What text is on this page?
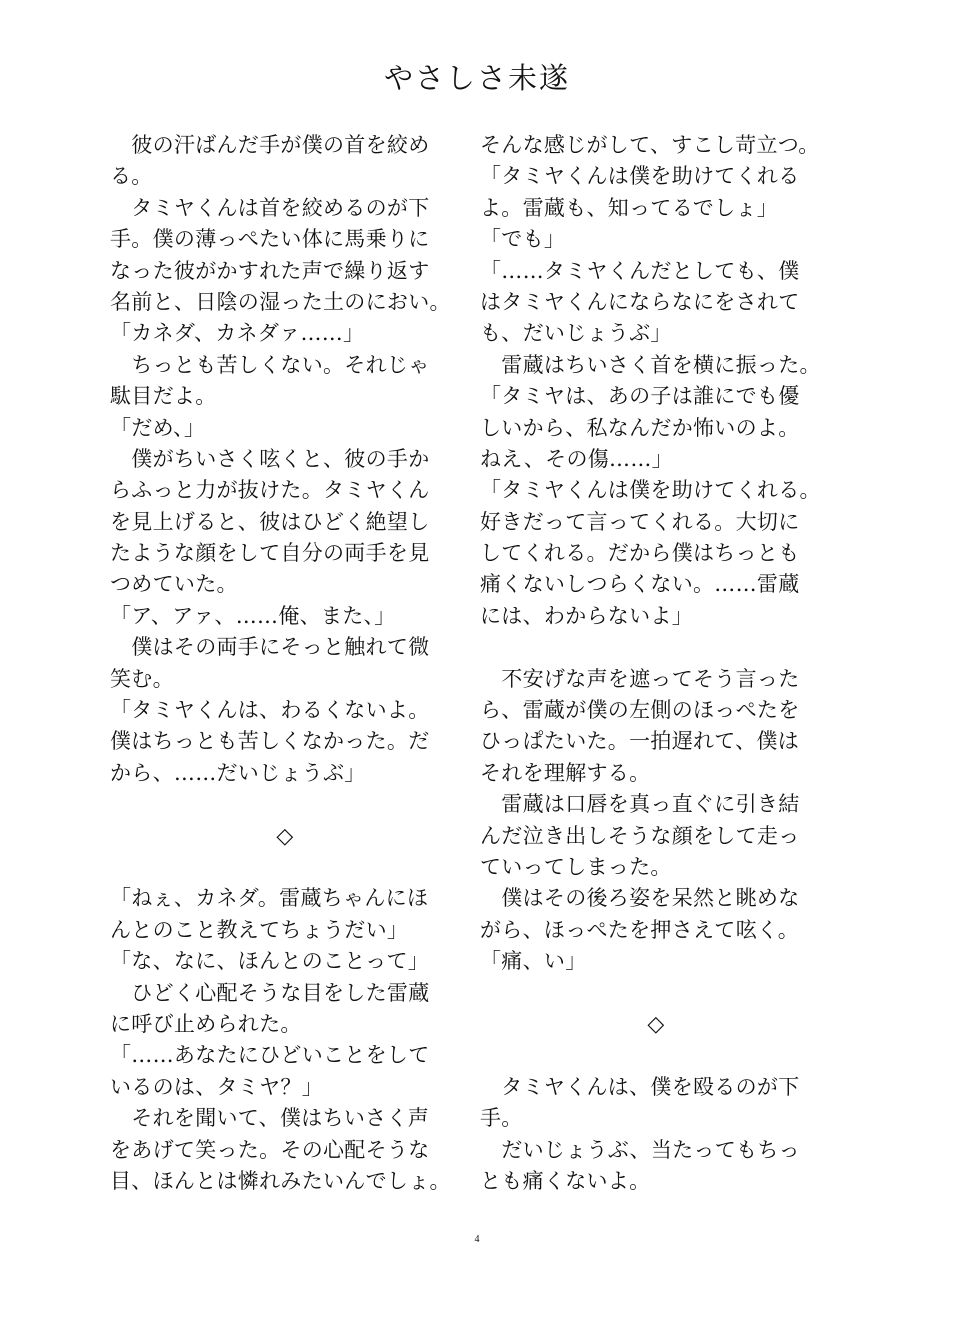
やさしさ未遂
　彼の汗ばんだ手が僕の首を絞め
る。
　タミヤくんは首を絞めるのが下
手。僕の薄っぺたい体に馬乗りに
なった彼がかすれた声で繰り返す
名前と、日陰の湿った土のにおい。
「カネダ、カネダァ……」
　ちっとも苦しくない。それじゃ
駄目だよ。
「だめ、」
　僕がちいさく呟くと、彼の手か
らふっと力が抜けた。タミヤくん
を見上げると、彼はひどく絶望し
たような顔をして自分の両手を見
つめていた。
「ア、アァ、……俺、また、」
　僕はその両手にそっと触れて微
笑む。
「タミヤくんは、わるくないよ。
僕はちっとも苦しくなかった。だ
から、……だいじょうぶ」
◇
「ねぇ、カネダ。雷蔵ちゃんにほ
んとのこと教えてちょうだい」
「な、なに、ほんとのことって」
　ひどく心配そうな目をした雷蔵
に呼び止められた。
「……あなたにひどいことをして
いるのは、タミヤ？」
　それを聞いて、僕はちいさく声
をあげて笑った。その心配そうな
目、ほんとは憐れみたいんでしょ。
そんな感じがして、すこし苛立つ。
「タミヤくんは僕を助けてくれる
よ。雷蔵も、知ってるでしょ」
「でも」
「……タミヤくんだとしても、僕
はタミヤくんにならなにをされて
も、だいじょうぶ」
　雷蔵はちいさく首を横に振った。
「タミヤは、あの子は誰にでも優
しいから、私なんだか怖いのよ。
ねえ、その傷……」
「タミヤくんは僕を助けてくれる。
好きだって言ってくれる。大切に
してくれる。だから僕はちっとも
痛くないしつらくない。……雷蔵
には、わからないよ」
　不安げな声を遮ってそう言った
ら、雷蔵が僕の左側のほっぺたを
ひっぱたいた。一拍遅れて、僕は
それを理解する。
　雷蔵は口唇を真っ直ぐに引き結
んだ泣き出しそうな顔をして走っ
ていってしまった。
　僕はその後ろ姿を呆然と眺めな
がら、ほっぺたを押さえて呟く。
「痛、い」
◇
　タミヤくんは、僕を殴るのが下
手。
　だいじょうぶ、当たってもちっ
とも痛くないよ。
4
